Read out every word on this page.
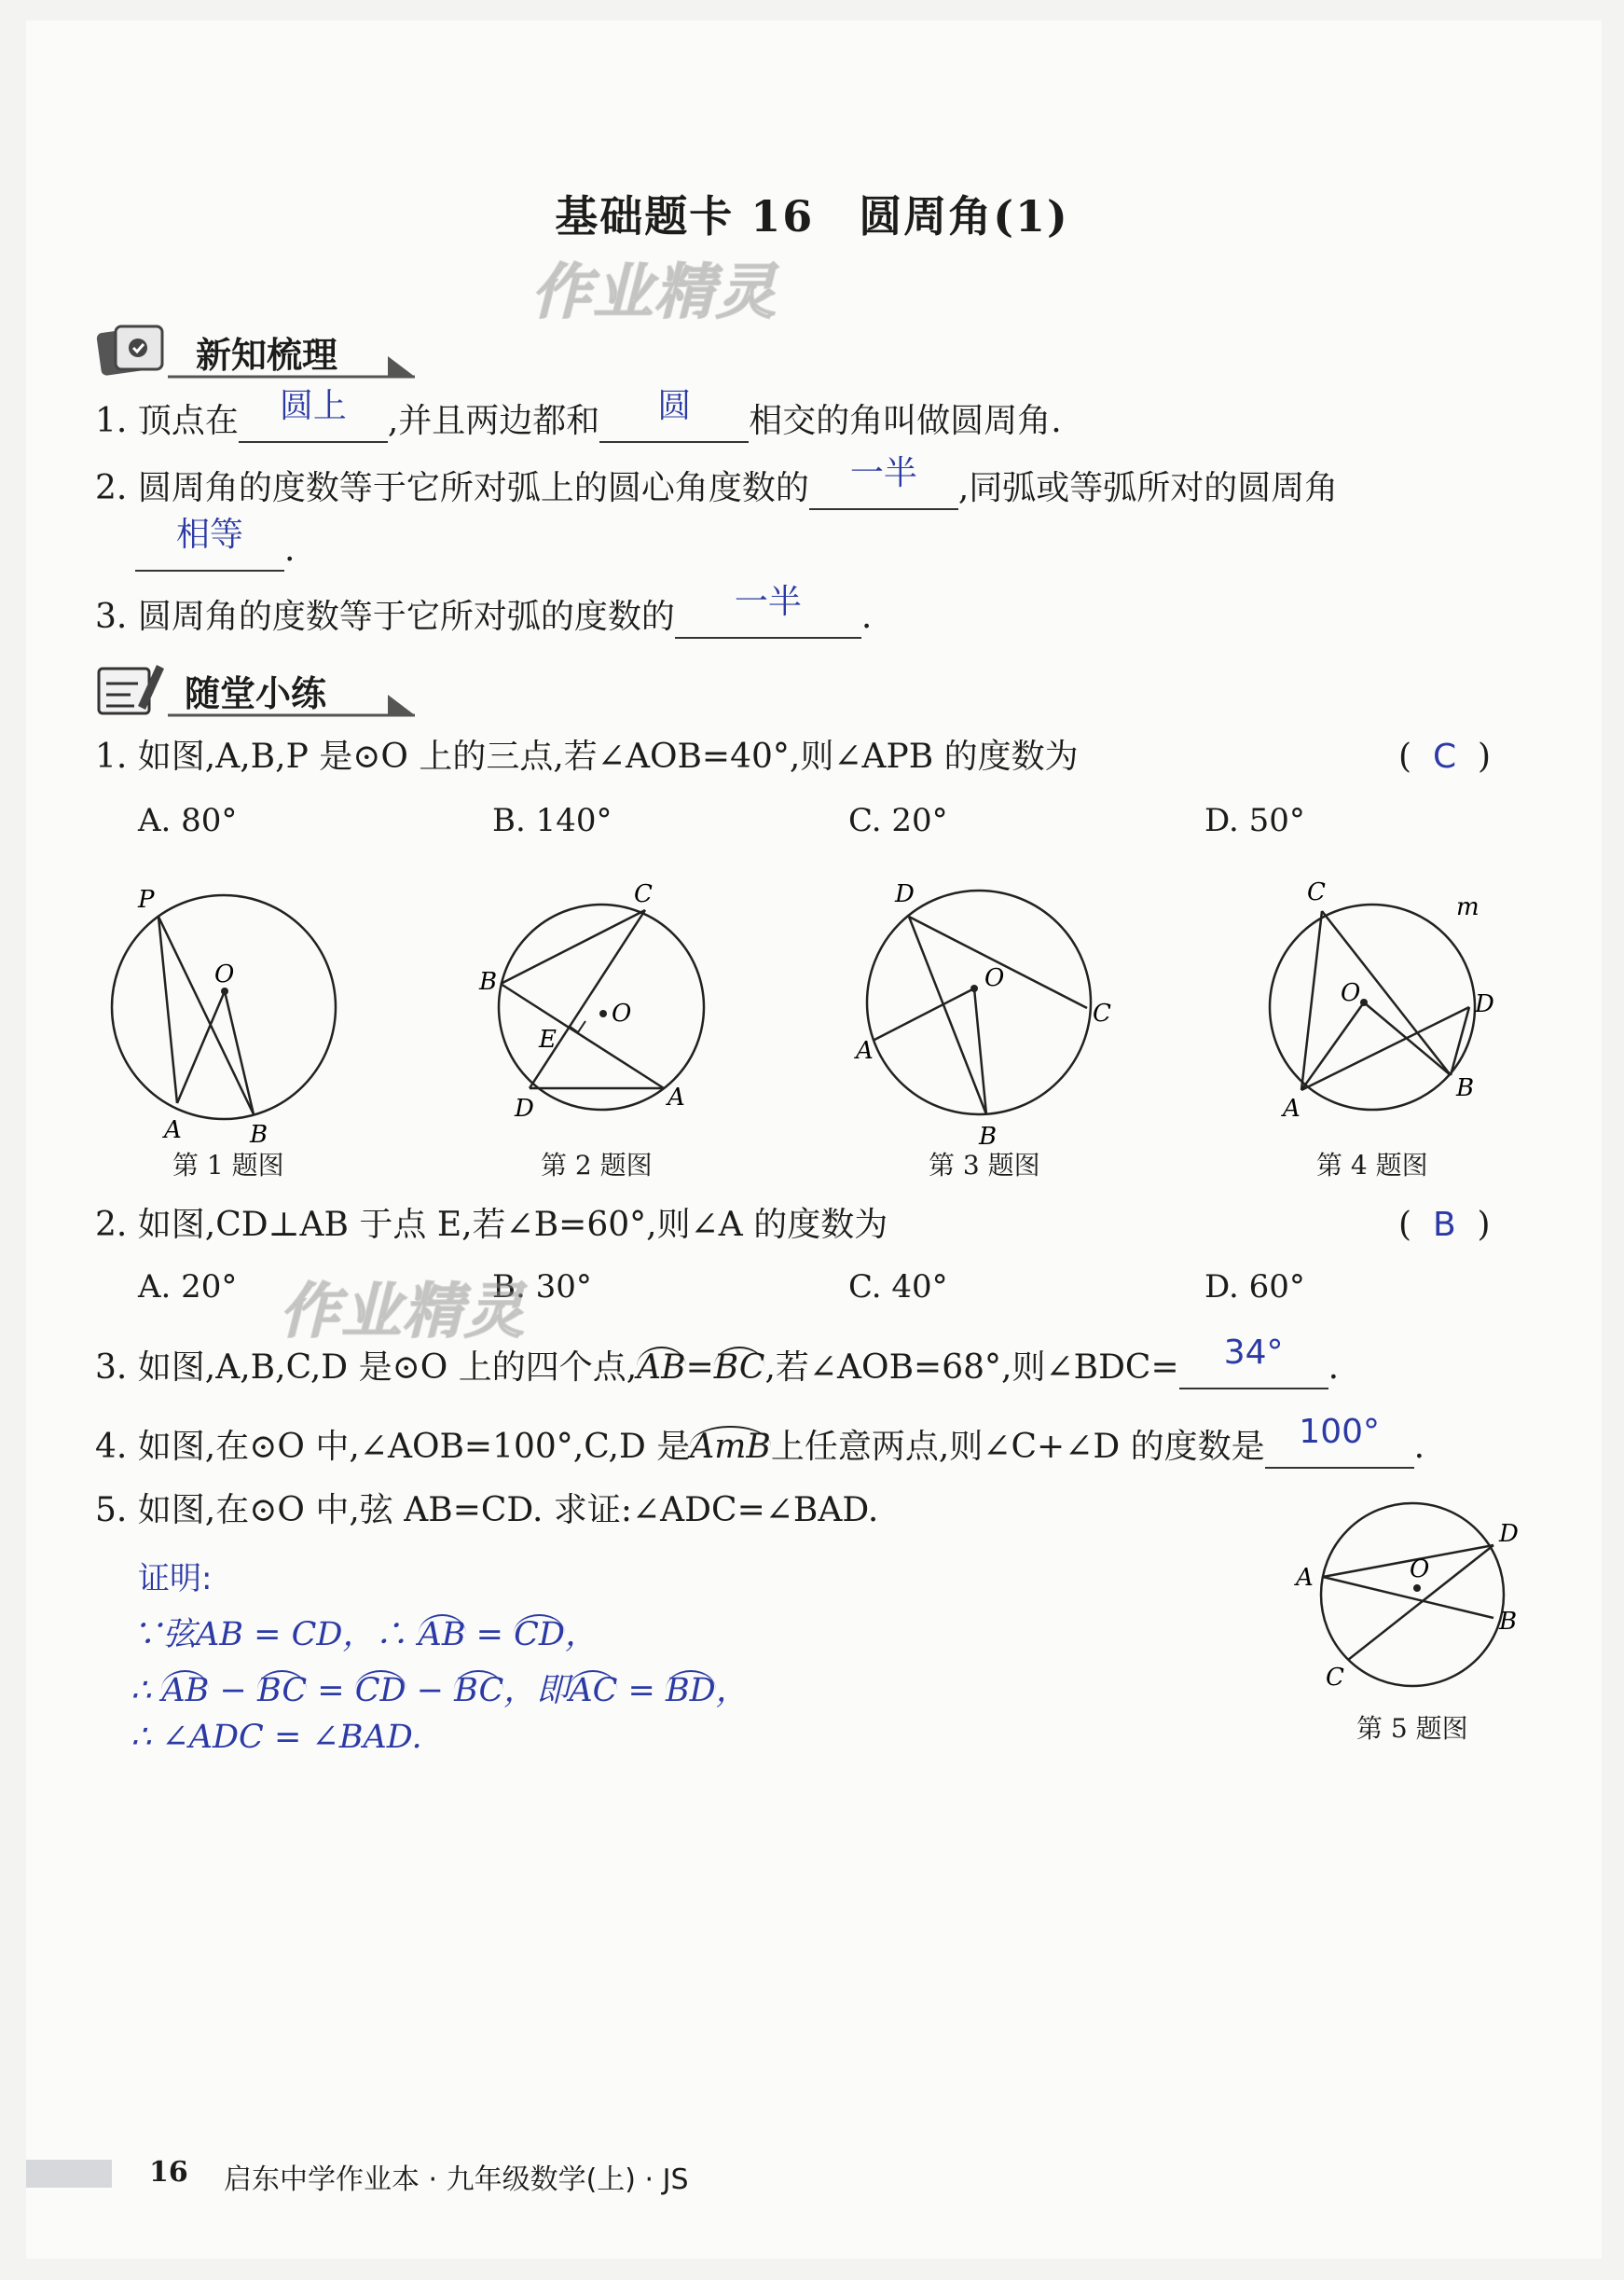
基础题卡 16　圆周角(1)
作业精灵
新知梳理
1. 顶点在	圆上	,并且两边都和	圆	相交的角叫做圆周角.
2. 圆周角的度数等于它所对弧上的圆心角度数的	一半	,同弧或等弧所对的圆周角
相等	.
3. 圆周角的度数等于它所对弧的度数的	一半	.
随堂小练
1. 如图,A,B,P 是⊙O 上的三点,若∠AOB=40°,则∠APB 的度数为	(  C  )
A. 80°	B. 140°	C. 20°	D. 50°
P
O
A	B
C
B
O
E
D	A
D
O
C
A
B
C
m
O	D
B
A
第 1 题图	第 2 题图	第 3 题图	第 4 题图
2. 如图,CD⊥AB 于点 E,若∠B=60°,则∠A 的度数为	(  B  )
A. 20°	B. 30°	C. 40°	D. 60°
作业精灵
3. 如图,A,B,C,D 是⊙O 上的四个点,AB=BC,若∠AOB=68°,则∠BDC=	34°	.
4. 如图,在⊙O 中,∠AOB=100°,C,D 是AmB上任意两点,则∠C+∠D 的度数是	100°	.
5. 如图,在⊙O 中,弦 AB=CD. 求证:∠ADC=∠BAD.
证明:
∵弦AB = CD，∴ AB = CD，
∴ AB − BC = CD − BC，即AC = BD，
∴ ∠ADC = ∠BAD.
D
A	O
B
C
第 5 题图
16 启东中学作业本 · 九年级数学(上) · JS
